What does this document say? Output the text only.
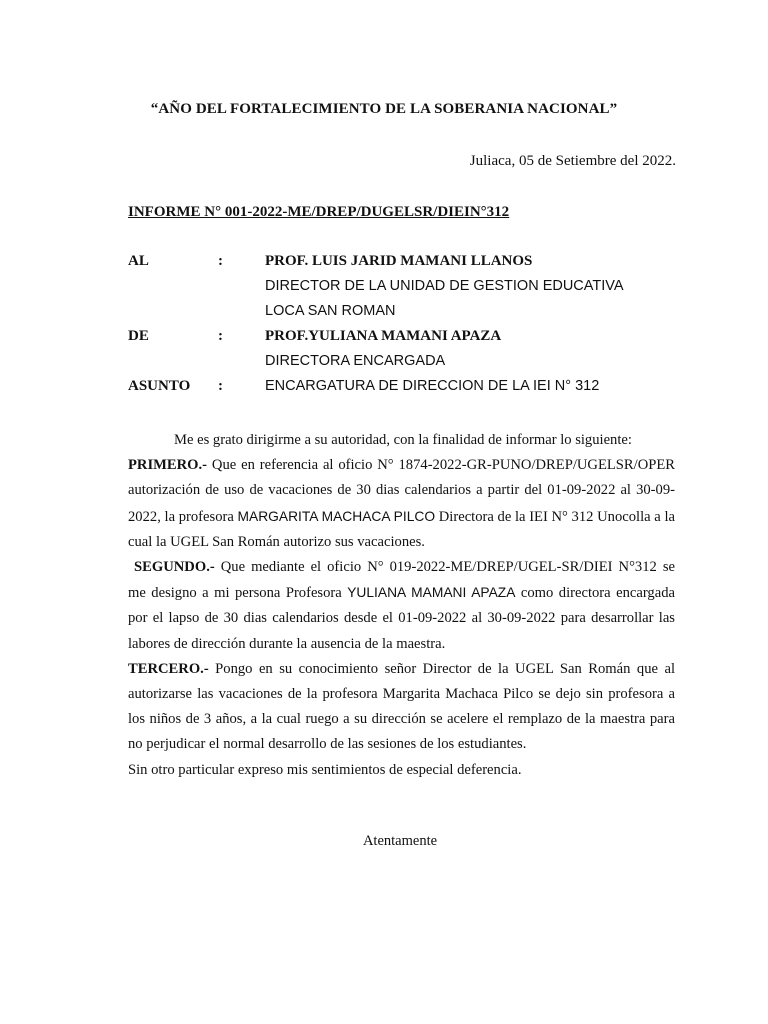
“AÑO DEL FORTALECIMIENTO DE LA SOBERANIA NACIONAL”
Juliaca, 05 de Setiembre del 2022.
INFORME N° 001-2022-ME/DREP/DUGELSR/DIEIN°312
AL	:	PROF. LUIS JARID MAMANI LLANOS
DIRECTOR DE LA UNIDAD DE GESTION EDUCATIVA
LOCA SAN ROMAN
DE	:	PROF.YULIANA MAMANI APAZA
DIRECTORA ENCARGADA
ASUNTO :	ENCARGATURA DE DIRECCION DE LA IEI N° 312

Me es grato dirigirme a su autoridad, con la finalidad de informar lo siguiente:

PRIMERO.- Que en referencia al oficio N° 1874-2022-GR-PUNO/DREP/UGELSR/OPER autorización de uso de vacaciones de 30 dias calendarios a partir del 01-09-2022 al 30-09-2022, la profesora MARGARITA MACHACA PILCO Directora de la IEI N° 312 Unocolla a la cual la UGEL San Román autorizo sus vacaciones.

SEGUNDO.- Que mediante el oficio N° 019-2022-ME/DREP/UGEL-SR/DIEI N°312 se me designo a mi persona Profesora YULIANA MAMANI APAZA como directora encargada por el lapso de 30 dias calendarios desde el 01-09-2022 al 30-09-2022 para desarrollar las labores de dirección durante la ausencia de la maestra.

TERCERO.- Pongo en su conocimiento señor Director de la UGEL San Román que al autorizarse las vacaciones de la profesora Margarita Machaca Pilco se dejo sin profesora a los niños de 3 años, a la cual ruego a su dirección se acelere el remplazo de la maestra para no perjudicar el normal desarrollo de las sesiones de los estudiantes.

Sin otro particular expreso mis sentimientos de especial deferencia.

Atentamente
